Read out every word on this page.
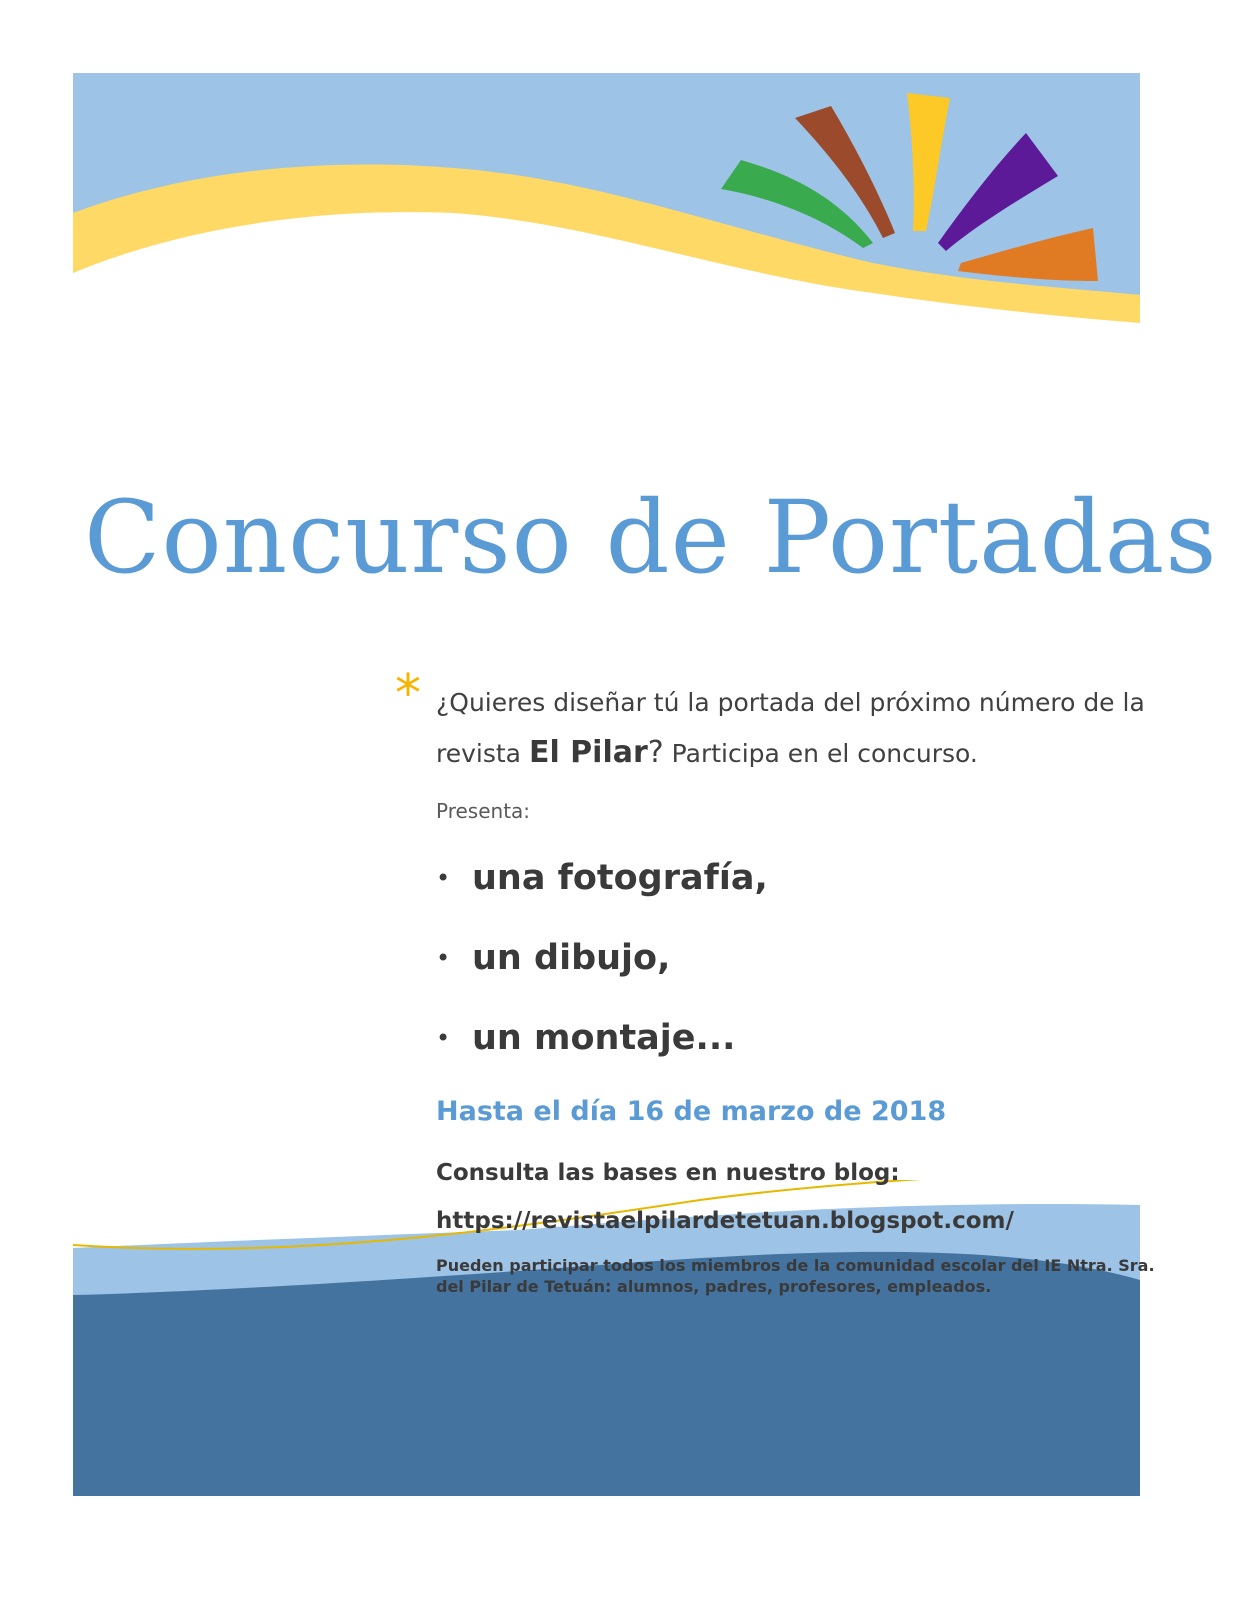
Concurso de Portadas
* ¿Quieres diseñar tú la portada del próximo número de la revista El Pilar? Participa en el concurso.
Presenta:
• una fotografía,
• un dibujo,
• un montaje...
Hasta el día 16 de marzo de 2018
Consulta las bases en nuestro blog:
https://revistaelpilardetetuan.blogspot.com/
Pueden participar todos los miembros de la comunidad escolar del IE Ntra. Sra. del Pilar de Tetuán: alumnos, padres, profesores, empleados.
